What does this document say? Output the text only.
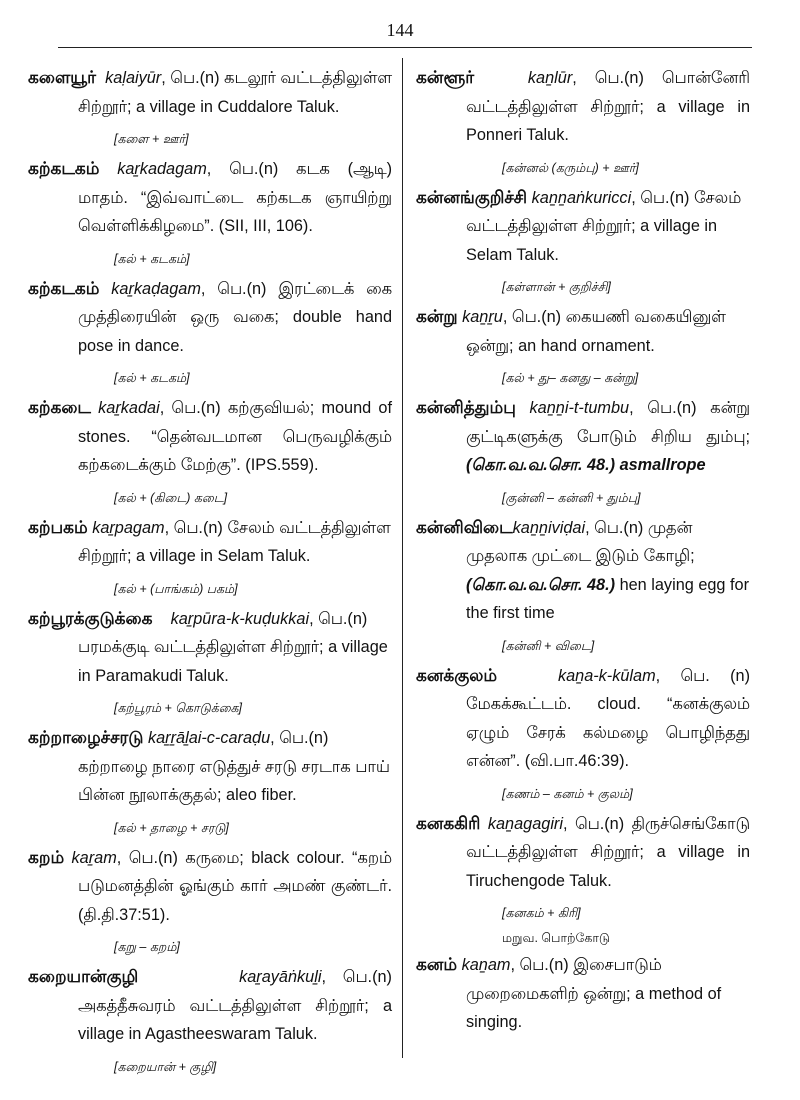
144

களையூர் kaḷaiyūr, பெ.(n) கடலூர் வட்டத்திலுள்ள சிற்றூர்; a village in Cuddalore Taluk.

[களை + ஊர்]

கற்கடகம் kaṟkadagam, பெ.(n) கடக (ஆடி) மாதம். “இவ்வாட்டை கற்கடக ஞாயிற்று வெள்ளிக்கிழமை”. (SII, III, 106).

[கல் + கடகம்]

கற்கடகம் kaṟkaḍagam, பெ.(n) இரட்டைக் கை முத்திரையின் ஒரு வகை; double hand pose in dance.

[கல் + கடகம்]

கற்கடை kaṟkadai, பெ.(n) கற்குவியல்; mound of stones. “தென்வடமான பெருவழிக்கும் கற்கடைக்கும் மேற்கு”. (IPS.559).

[கல் + (கிடை) கடை]

கற்பகம் kaṟpagam, பெ.(n) சேலம் வட்டத்திலுள்ள சிற்றூர்; a village in Selam Taluk.

[கல் + (பாங்கம்) பகம்]

கற்பூரக்குடுக்கை kaṟpūra-k-kuḍukkai, பெ.(n) பரமக்குடி வட்டத்திலுள்ள சிற்றூர்; a village in Paramakudi Taluk.

[கற்பூரம் + கொடுக்கை]

கற்றாழைச்சரடு kaṟṟāḻai-c-caraḍu, பெ.(n) கற்றாழை நாரை எடுத்துச் சரடு சரடாக பாய் பின்ன நூலாக்குதல்; aleo fiber.

[கல் + தாழை + சரடு]

கறம் kaṟam, பெ.(n) கருமை; black colour. “கறம் படுமனத்தின் ஓங்கும் கார் அமண் குண்டர். (தி.தி.37:51).

[கறு – கறம்]

கறையான்குழி	kaṟayāṅkuḻi, பெ.(n) அகத்தீசுவரம் வட்டத்திலுள்ள சிற்றூர்; a village in Agastheeswaram Taluk.

[கறையான் + குழி]

கன்ளூர்	kaṉlūr, பெ.(n) பொன்னேரி வட்டத்திலுள்ள சிற்றூர்; a village in Ponneri Taluk.

[கன்னல் (கரும்பு) + ஊர்]

கன்னங்குறிச்சி kaṉṉaṅkuricci, பெ.(n) சேலம் வட்டத்திலுள்ள சிற்றூர்; a village in Selam Taluk.

[கள்ளான் + குறிச்சி]

கன்று kaṉṟu, பெ.(n) கையணி வகையினுள் ஒன்று; an hand ornament.

[கல் + து– கனது – கன்று]

கன்னித்தும்பு kaṉṉi-t-tumbu, பெ.(n) கன்று குட்டிகளுக்கு போடும் சிறிய தும்பு; (கொ.வ.வ.சொ. 48.) asmallrope

[குன்னி – கன்னி + தும்பு]

கன்னிவிடைkaṉṉiviḍai, பெ.(n) முதன் முதலாக முட்டை இடும் கோழி; (கொ.வ.வ.சொ. 48.) hen laying egg for the first time

[கன்னி + விடை]

கனக்குலம்	kaṉa-k-kūlam, பெ. (n) மேகக்கூட்டம். cloud. “கனக்குலம் ஏழும் சேரக் கல்மழை பொழிந்தது என்ன”. (வி.பா.46:39).

[கணம் – கனம் + குலம்]

கனககிரி kaṉagagiri, பெ.(n) திருச்செங்கோடு வட்டத்திலுள்ள சிற்றூர்; a village in Tiruchengode Taluk.

[கனகம் + கிரி]
மறுவ. பொற்கோடு

கனம் kaṉam, பெ.(n) இசைபாடும் முறைமைகளிற் ஒன்று; a method of singing.
